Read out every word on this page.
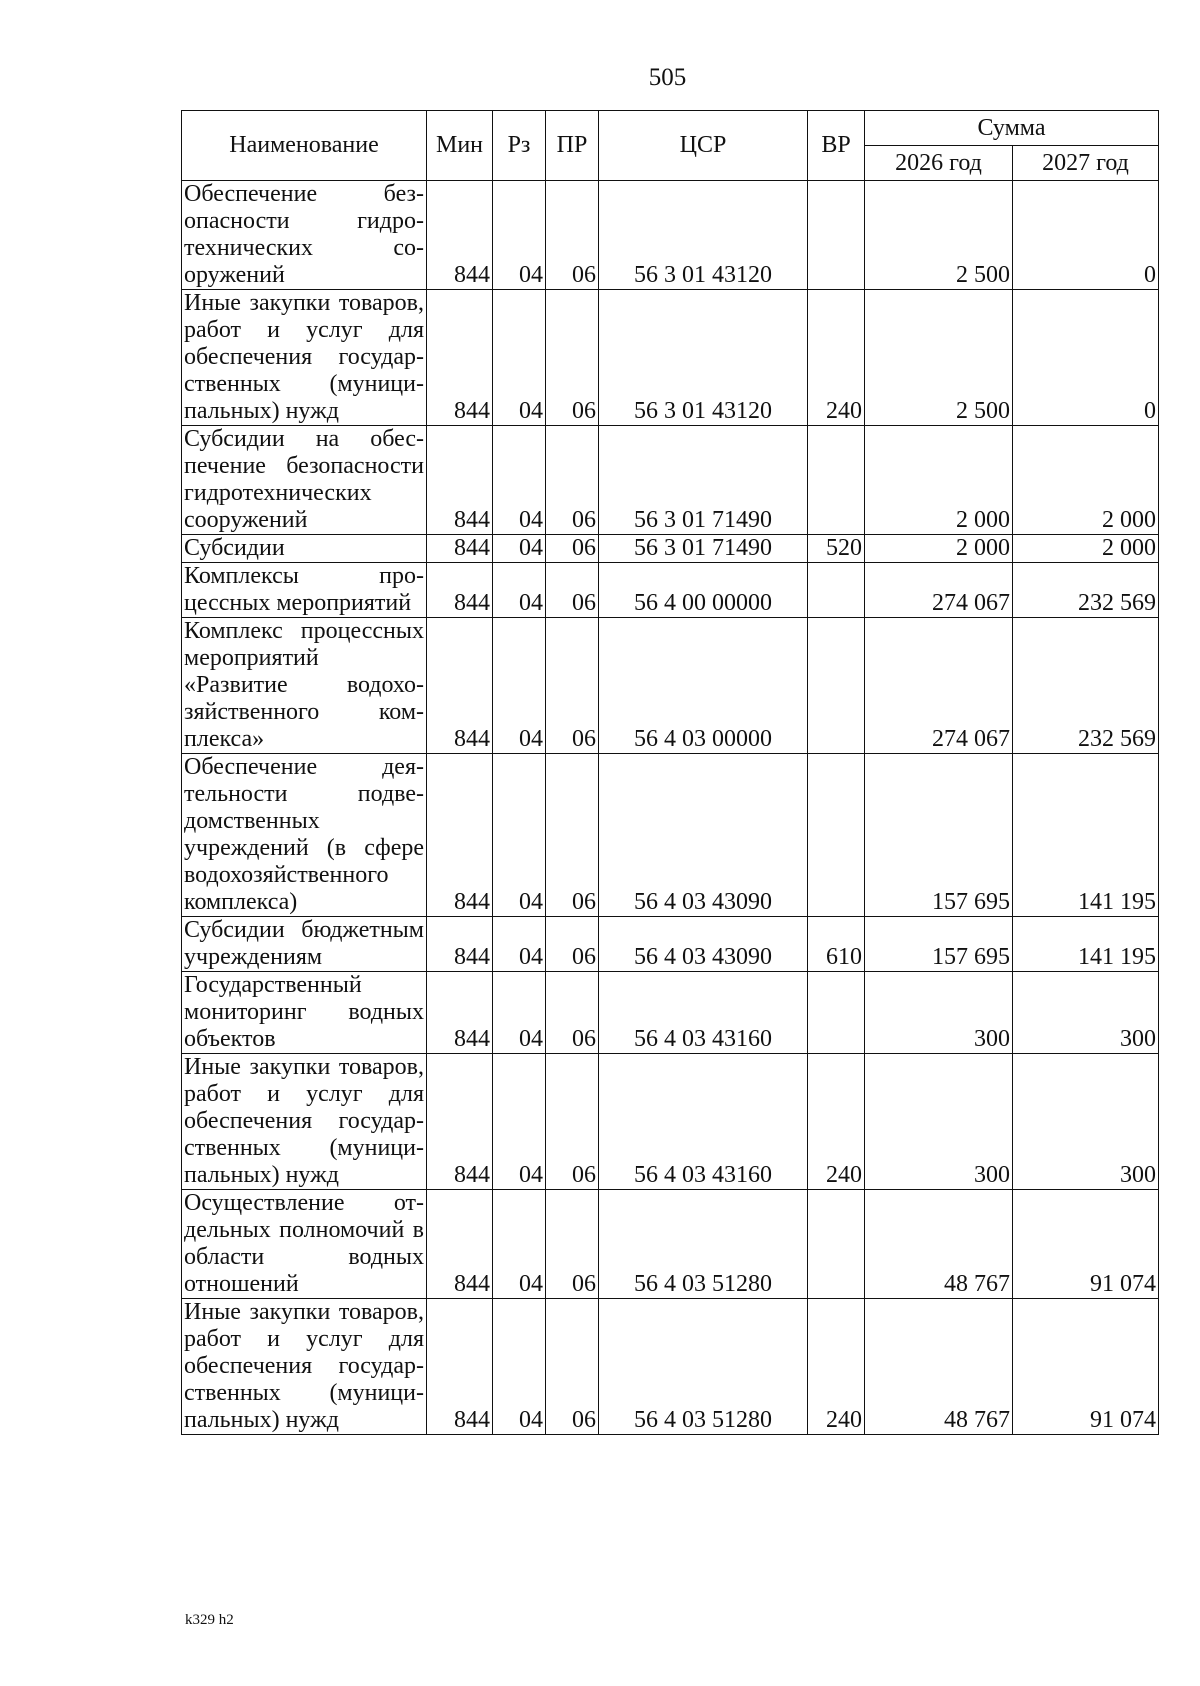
505
Наименование	Мин	Рз	ПР	ЦСР	ВР	Сумма	
						2026 год	2027 год
Обеспечение безопасности гидротехнических сооружений	844	04	06	56 3 01 43120		2 500	0
Иные закупки товаров, работ и услуг для обеспечения государственных (муниципальных) нужд	844	04	06	56 3 01 43120	240	2 500	0
Субсидии на обеспечение безопасности гидротехнических сооружений	844	04	06	56 3 01 71490		2 000	2 000
Субсидии	844	04	06	56 3 01 71490	520	2 000	2 000
Комплексы процессных мероприятий	844	04	06	56 4 00 00000		274 067	232 569
Комплекс процессных мероприятий «Развитие водохозяйственного комплекса»	844	04	06	56 4 03 00000		274 067	232 569
Обеспечение деятельности подведомственных учреждений (в сфере водохозяйственного комплекса)	844	04	06	56 4 03 43090		157 695	141 195
Субсидии бюджетным учреждениям	844	04	06	56 4 03 43090	610	157 695	141 195
Государственный мониторинг водных объектов	844	04	06	56 4 03 43160		300	300
Иные закупки товаров, работ и услуг для обеспечения государственных (муниципальных) нужд	844	04	06	56 4 03 43160	240	300	300
Осуществление отдельных полномочий в области водных отношений	844	04	06	56 4 03 51280		48 767	91 074
Иные закупки товаров, работ и услуг для обеспечения государственных (муниципальных) нужд	844	04	06	56 4 03 51280	240	48 767	91 074
k329 h2
